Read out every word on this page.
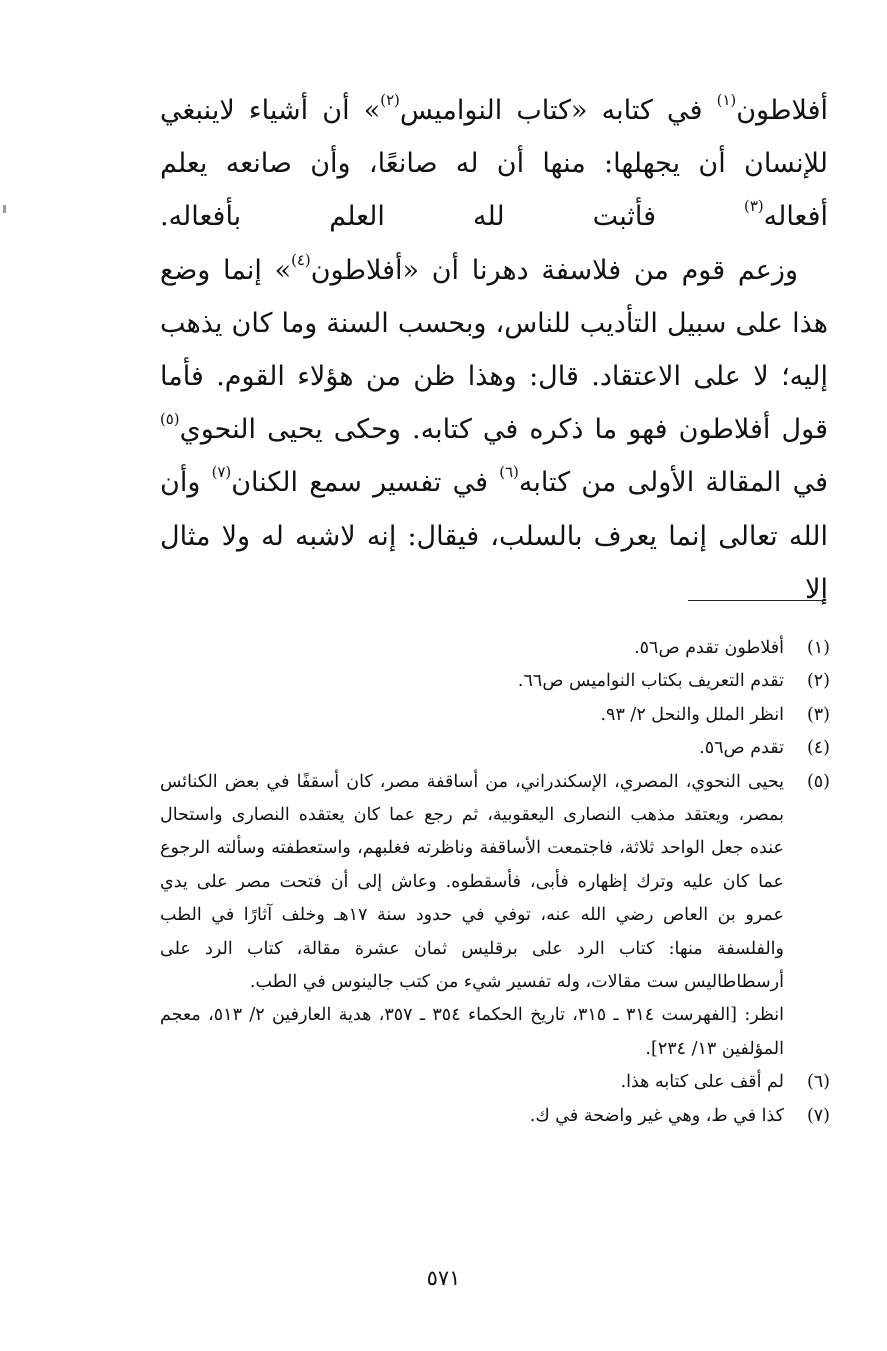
أفلاطون$^{(١)}$ في كتابه «كتاب النواميس$^{(٢)}$» أن أشياء لاينبغي للإنسان أن يجهلها: منها أن له صانعًا، وأن صانعه يعلم أفعاله$^{(٣)}$ فأثبت لله العلم بأفعاله.

وزعم قوم من فلاسفة دهرنا أن «أفلاطون$^{(٤)}$» إنما وضع هذا على سبيل التأديب للناس، وبحسب السنة وما كان يذهب إليه؛ لا على الاعتقاد. قال: وهذا ظن من هؤلاء القوم. فأما قول أفلاطون فهو ما ذكره في كتابه. وحكى يحيى النحوي$^{(٥)}$ في المقالة الأولى من كتابه$^{(٦)}$ في تفسير سمع الكنان$^{(٧)}$ وأن الله تعالى إنما يعرف بالسلب، فيقال: إنه لاشبه له ولا مثال إلا

(١)
أفلاطون تقدم ص٥٦.
(٢)
تقدم التعريف بكتاب النواميس ص٦٦.
(٣)
انظر الملل والنحل ٢/ ٩٣.
(٤)
تقدم ص٥٦.
(٥)
يحيى النحوي، المصري، الإسكندراني، من أساقفة مصر، كان أسقفًا في بعض الكنائس بمصر، ويعتقد مذهب النصارى اليعقوبية، ثم رجع عما كان يعتقده النصارى واستحال عنده جعل الواحد ثلاثة، فاجتمعت الأساقفة وناظرته فغلبهم، واستعطفته وسألته الرجوع عما كان عليه وترك إظهاره فأبى، فأسقطوه. وعاش إلى أن فتحت مصر على يدي عمرو بن العاص رضي الله عنه، توفي في حدود سنة ١٧هـ وخلف آثارًا في الطب والفلسفة منها: كتاب الرد على برقليس ثمان عشرة مقالة، كتاب الرد على أرسطاطاليس ست مقالات، وله تفسير شيء من كتب جالينوس في الطب.
انظر: [الفهرست ٣١٤ ـ ٣١٥، تاريخ الحكماء ٣٥٤ ـ ٣٥٧، هدية العارفين ٢/ ٥١٣، معجم المؤلفين ١٣/ ٢٣٤].
(٦)
لم أقف على كتابه هذا.
(٧)
كذا في ط، وهي غير واضحة في ك.
٥٧١
